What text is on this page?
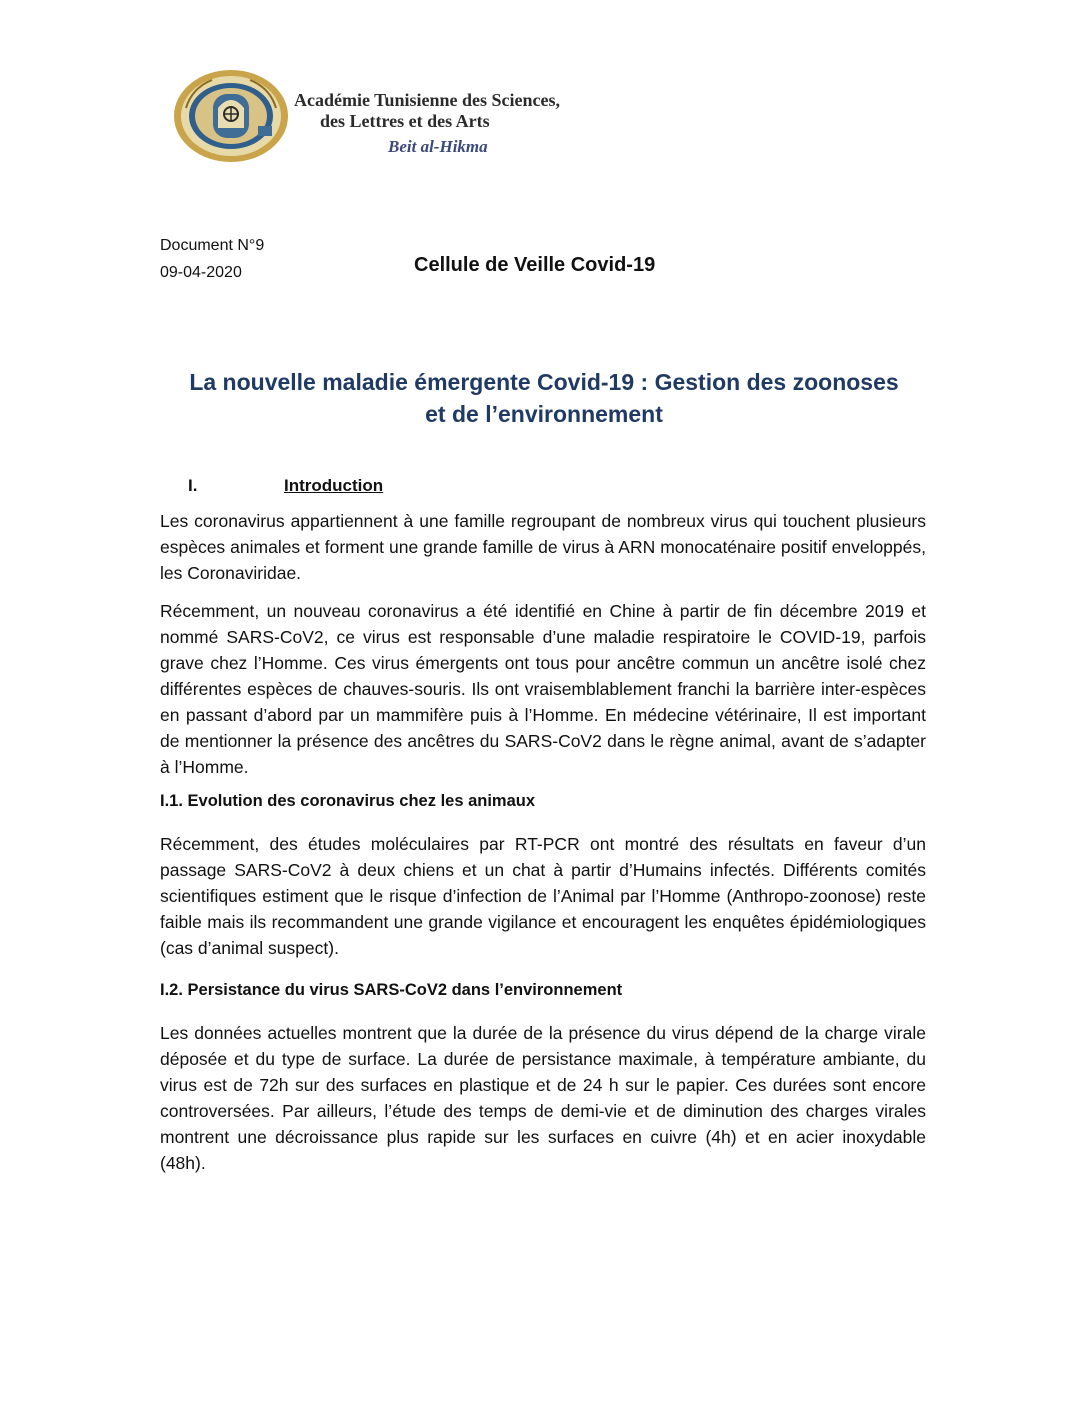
Académie Tunisienne des Sciences,
des Lettres et des Arts
Beit al-Hikma
Document N°9
09-04-2020	Cellule de Veille Covid-19
La nouvelle maladie émergente Covid-19 : Gestion des zoonoses
et de l’environnement
I.	Introduction

Les coronavirus appartiennent à une famille regroupant de nombreux virus qui touchent plusieurs espèces animales et forment une grande famille de virus à ARN monocaténaire positif enveloppés, les Coronaviridae.

Récemment, un nouveau coronavirus a été identifié en Chine à partir de fin décembre 2019 et nommé SARS-CoV2, ce virus est responsable d’une maladie respiratoire le COVID-19, parfois grave chez l’Homme. Ces virus émergents ont tous pour ancêtre commun un ancêtre isolé chez différentes espèces de chauves-souris. Ils ont vraisemblablement franchi la barrière inter-espèces en passant d’abord par un mammifère puis à l’Homme. En médecine vétérinaire, Il est important de mentionner la présence des ancêtres du SARS-CoV2 dans le règne animal, avant de s’adapter à l’Homme.

I.1. Evolution des coronavirus chez les animaux

Récemment, des études moléculaires par RT-PCR ont montré des résultats en faveur d’un passage SARS-CoV2 à deux chiens et un chat à partir d’Humains infectés. Différents comités scientifiques estiment que le risque d’infection de l’Animal par l’Homme (Anthropo-zoonose) reste faible mais ils recommandent une grande vigilance et encouragent les enquêtes épidémiologiques (cas d’animal suspect).

I.2. Persistance du virus SARS-CoV2 dans l’environnement

Les données actuelles montrent que la durée de la présence du virus dépend de la charge virale déposée et du type de surface. La durée de persistance maximale, à température ambiante, du virus est de 72h sur des surfaces en plastique et de 24 h sur le papier. Ces durées sont encore controversées. Par ailleurs, l’étude des temps de demi-vie et de diminution des charges virales montrent une décroissance plus rapide sur les surfaces en cuivre (4h) et en acier inoxydable (48h).
